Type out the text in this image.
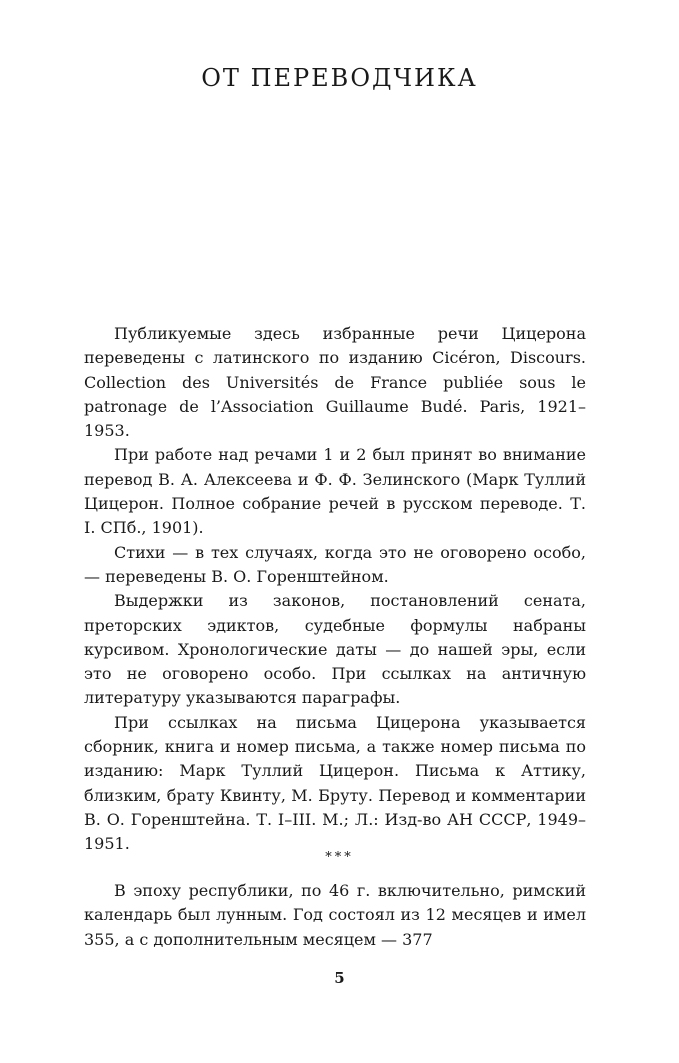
ОТ ПЕРЕВОДЧИКА

Публикуемые здесь избранные речи Цицерона переведены с латинского по изданию Cicéron, Discours. Collection des Universités de France publiée sous le patronage de l’Association Guillaume Budé. Paris, 1921–1953.

При работе над речами 1 и 2 был принят во внимание перевод В. А. Алексеева и Ф. Ф. Зелинского (Марк Туллий Цицерон. Полное собрание речей в русском переводе. Т. I. СПб., 1901).

Стихи — в тех случаях, когда это не оговорено особо, — переведены В. О. Горенштейном.

Выдержки из законов, постановлений сената, преторских эдиктов, судебные формулы набраны курсивом. Хронологические даты — до нашей эры, если это не оговорено особо. При ссылках на античную литературу указываются параграфы.

При ссылках на письма Цицерона указывается сборник, книга и номер письма, а также номер письма по изданию: Марк Туллий Цицерон. Письма к Аттику, близким, брату Квинту, М. Бруту. Перевод и комментарии В. О. Горенштейна. Т. I–III. М.; Л.: Изд-во АН СССР, 1949–1951.

***

В эпоху республики, по 46 г. включительно, римский календарь был лунным. Год состоял из 12 месяцев и имел 355, а с дополнительным месяцем — 377

5
